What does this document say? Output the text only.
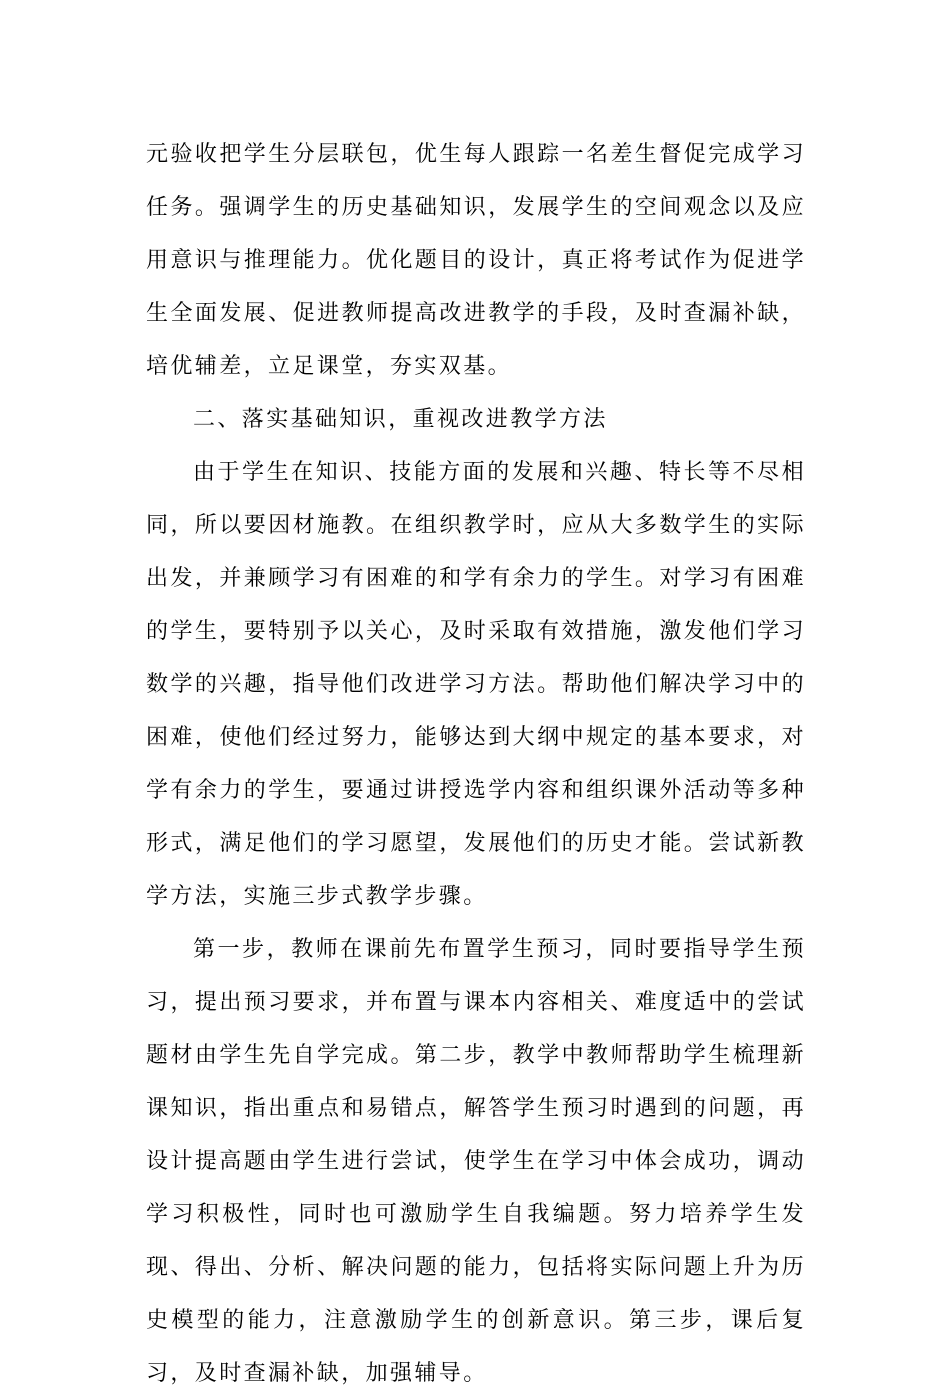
元验收把学生分层联包，优生每人跟踪一名差生督促完成学习任务。强调学生的历史基础知识，发展学生的空间观念以及应用意识与推理能力。优化题目的设计，真正将考试作为促进学生全面发展、促进教师提高改进教学的手段，及时查漏补缺，培优辅差，立足课堂，夯实双基。

二、落实基础知识，重视改进教学方法

由于学生在知识、技能方面的发展和兴趣、特长等不尽相同，所以要因材施教。在组织教学时，应从大多数学生的实际出发，并兼顾学习有困难的和学有余力的学生。对学习有困难的学生，要特别予以关心，及时采取有效措施，激发他们学习数学的兴趣，指导他们改进学习方法。帮助他们解决学习中的困难，使他们经过努力，能够达到大纲中规定的基本要求，对学有余力的学生，要通过讲授选学内容和组织课外活动等多种形式，满足他们的学习愿望，发展他们的历史才能。尝试新教学方法，实施三步式教学步骤。

第一步，教师在课前先布置学生预习，同时要指导学生预习，提出预习要求，并布置与课本内容相关、难度适中的尝试题材由学生先自学完成。第二步，教学中教师帮助学生梳理新课知识，指出重点和易错点，解答学生预习时遇到的问题，再设计提高题由学生进行尝试，使学生在学习中体会成功，调动学习积极性，同时也可激励学生自我编题。努力培养学生发现、得出、分析、解决问题的能力，包括将实际问题上升为历史模型的能力，注意激励学生的创新意识。第三步，课后复习，及时查漏补缺，加强辅导。
